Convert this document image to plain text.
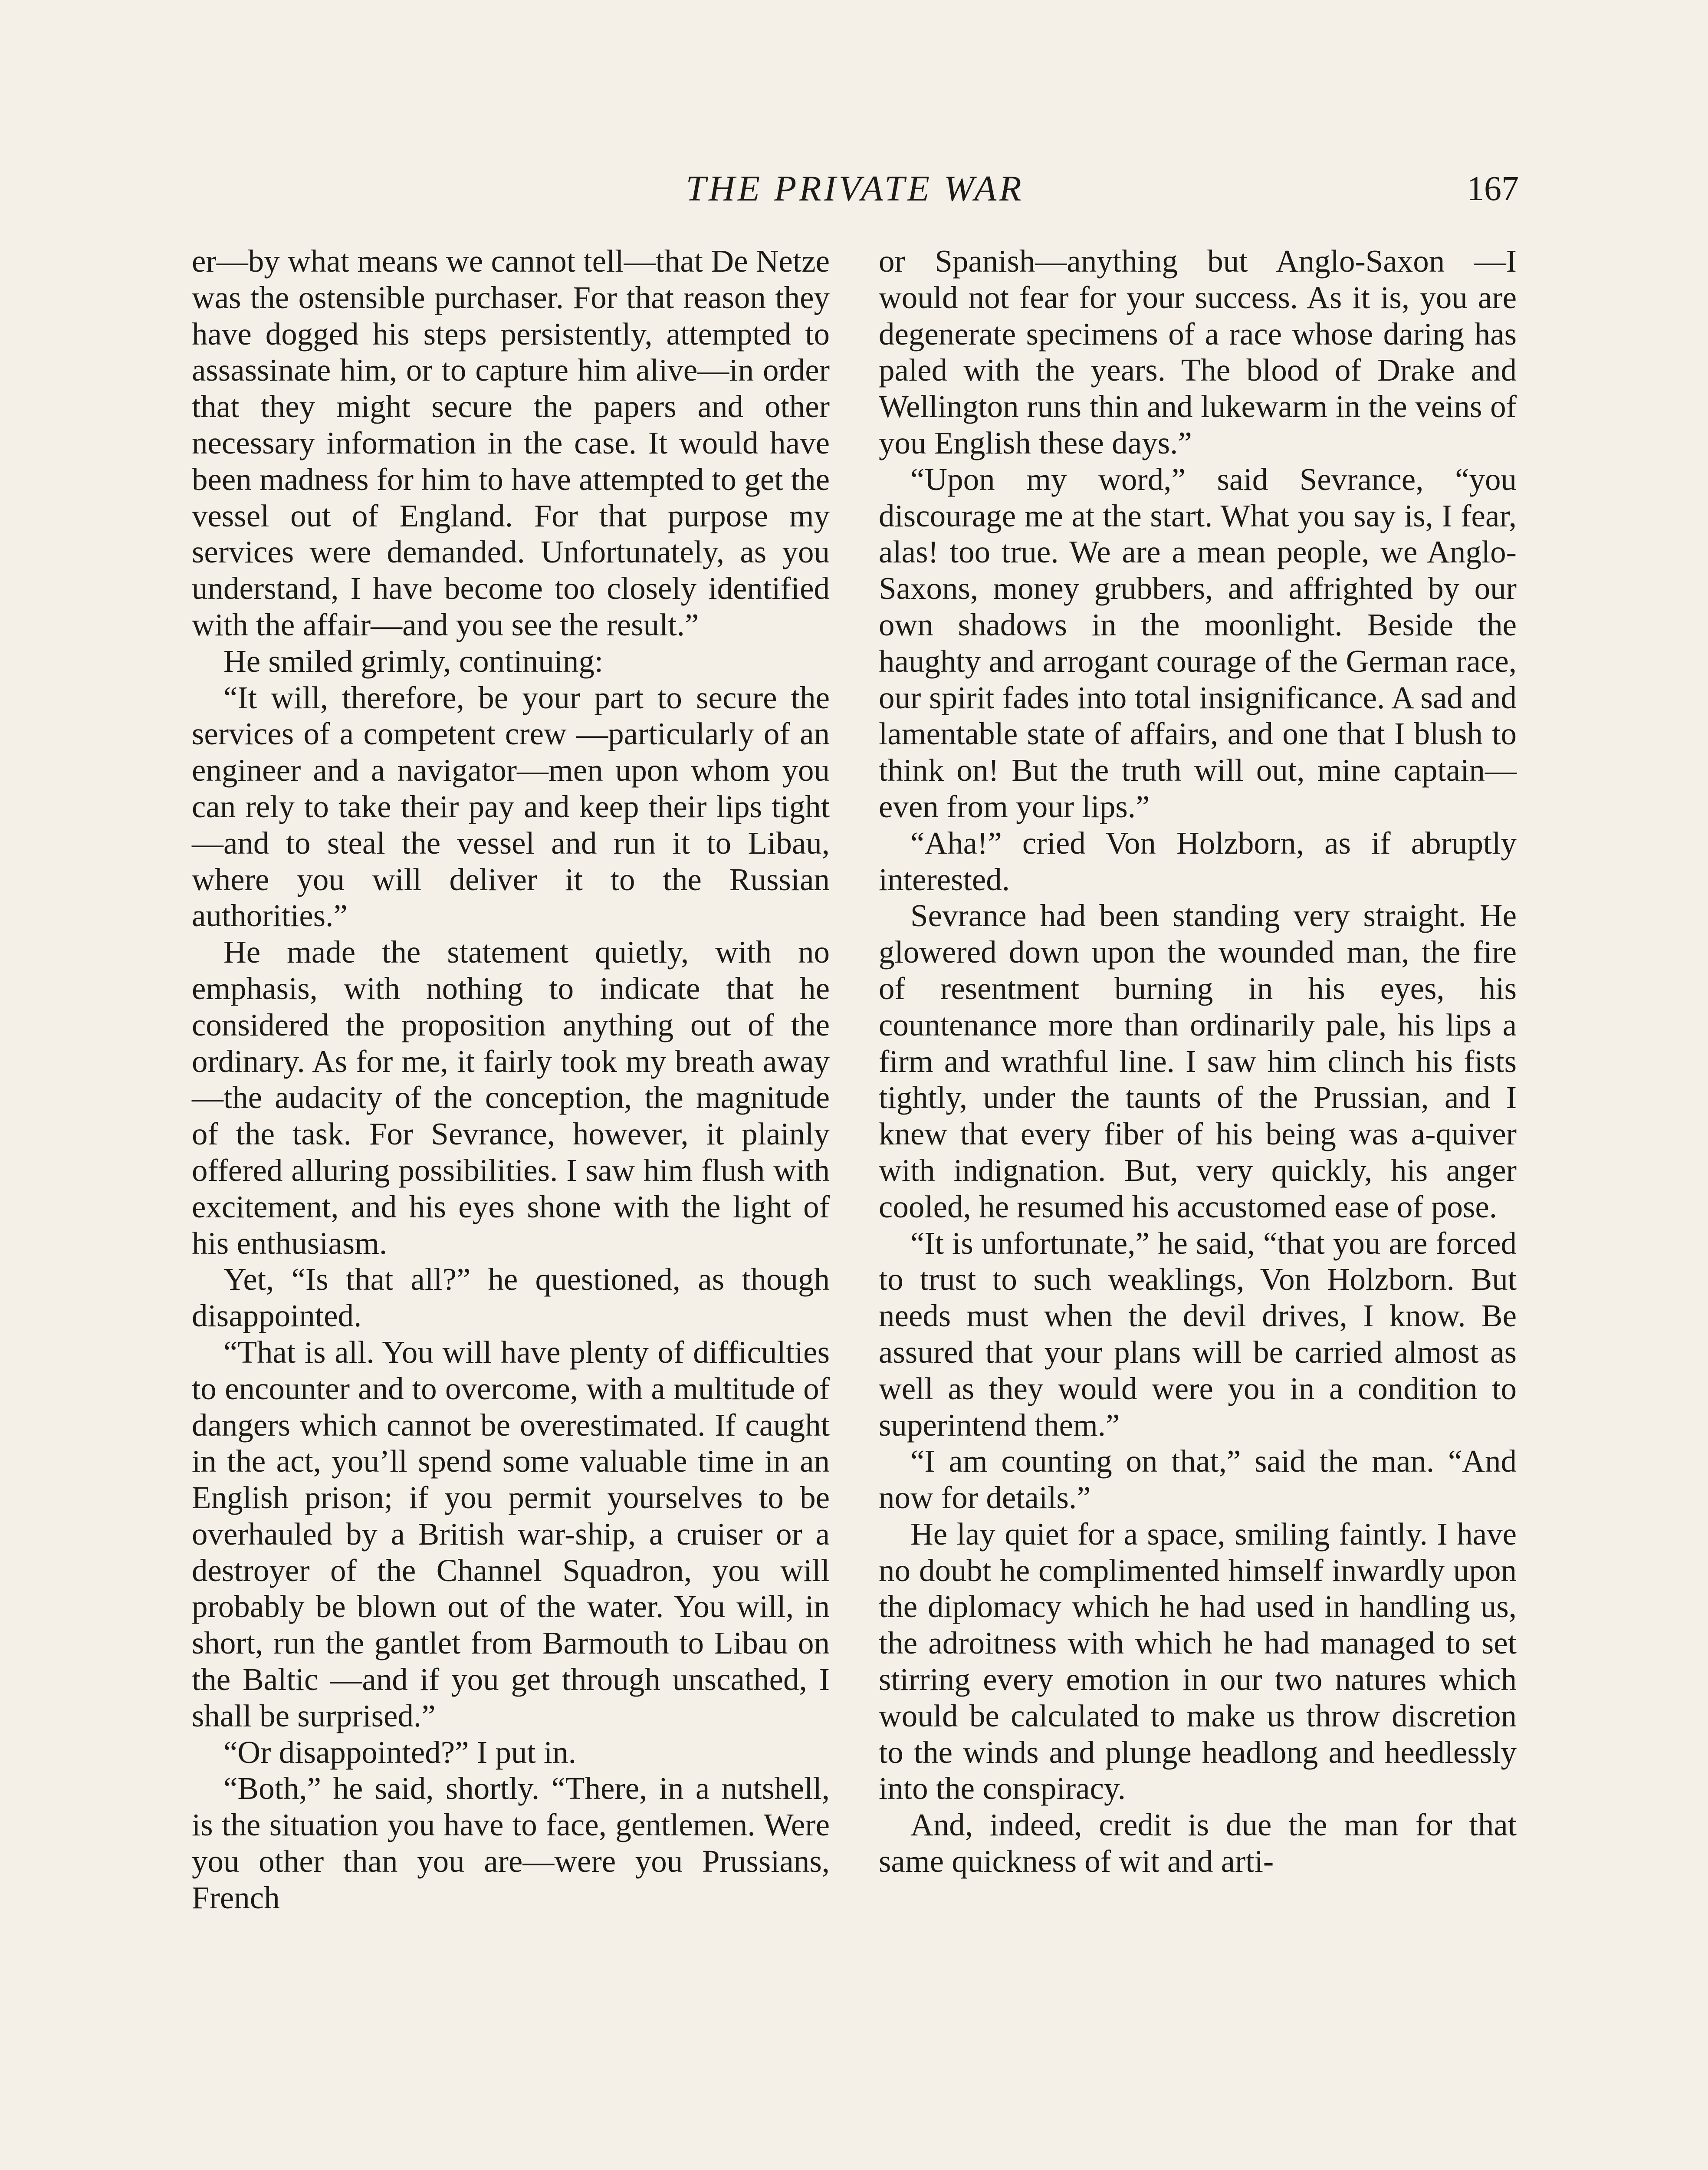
THE PRIVATE WAR	167

er—by what means we cannot tell—that De Netze was the ostensible purchaser. For that reason they have dogged his steps persistently, attempted to assassinate him, or to capture him alive—in order that they might secure the papers and other necessary information in the case. It would have been madness for him to have attempted to get the vessel out of England. For that purpose my services were demanded. Unfortunately, as you understand, I have become too closely identified with the affair—and you see the result.”

He smiled grimly, continuing:

“It will, therefore, be your part to secure the services of a competent crew —particularly of an engineer and a navigator—men upon whom you can rely to take their pay and keep their lips tight—and to steal the vessel and run it to Libau, where you will deliver it to the Russian authorities.”

He made the statement quietly, with no emphasis, with nothing to indicate that he considered the proposition anything out of the ordinary. As for me, it fairly took my breath away—the audacity of the conception, the magnitude of the task. For Sevrance, however, it plainly offered alluring possibilities. I saw him flush with excitement, and his eyes shone with the light of his enthusiasm.

Yet, “Is that all?” he questioned, as though disappointed.

“That is all. You will have plenty of difficulties to encounter and to overcome, with a multitude of dangers which cannot be overestimated. If caught in the act, you’ll spend some valuable time in an English prison; if you permit yourselves to be overhauled by a British war-ship, a cruiser or a destroyer of the Channel Squadron, you will probably be blown out of the water. You will, in short, run the gantlet from Barmouth to Libau on the Baltic —and if you get through unscathed, I shall be surprised.”

“Or disappointed?” I put in.

“Both,” he said, shortly. “There, in a nutshell, is the situation you have to face, gentlemen. Were you other than you are—were you Prussians, French

or Spanish—anything but Anglo-Saxon —I would not fear for your success. As it is, you are degenerate specimens of a race whose daring has paled with the years. The blood of Drake and Wellington runs thin and lukewarm in the veins of you English these days.”

“Upon my word,” said Sevrance, “you discourage me at the start. What you say is, I fear, alas! too true. We are a mean people, we Anglo-Saxons, money grubbers, and affrighted by our own shadows in the moonlight. Beside the haughty and arrogant courage of the German race, our spirit fades into total insignificance. A sad and lamentable state of affairs, and one that I blush to think on! But the truth will out, mine captain—even from your lips.”

“Aha!” cried Von Holzborn, as if abruptly interested.

Sevrance had been standing very straight. He glowered down upon the wounded man, the fire of resentment burning in his eyes, his countenance more than ordinarily pale, his lips a firm and wrathful line. I saw him clinch his fists tightly, under the taunts of the Prussian, and I knew that every fiber of his being was a-quiver with indignation. But, very quickly, his anger cooled, he resumed his accustomed ease of pose.

“It is unfortunate,” he said, “that you are forced to trust to such weaklings, Von Holzborn. But needs must when the devil drives, I know. Be assured that your plans will be carried almost as well as they would were you in a condition to superintend them.”

“I am counting on that,” said the man. “And now for details.”

He lay quiet for a space, smiling faintly. I have no doubt he complimented himself inwardly upon the diplomacy which he had used in handling us, the adroitness with which he had managed to set stirring every emotion in our two natures which would be calculated to make us throw discretion to the winds and plunge headlong and heedlessly into the conspiracy.

And, indeed, credit is due the man for that same quickness of wit and arti-
